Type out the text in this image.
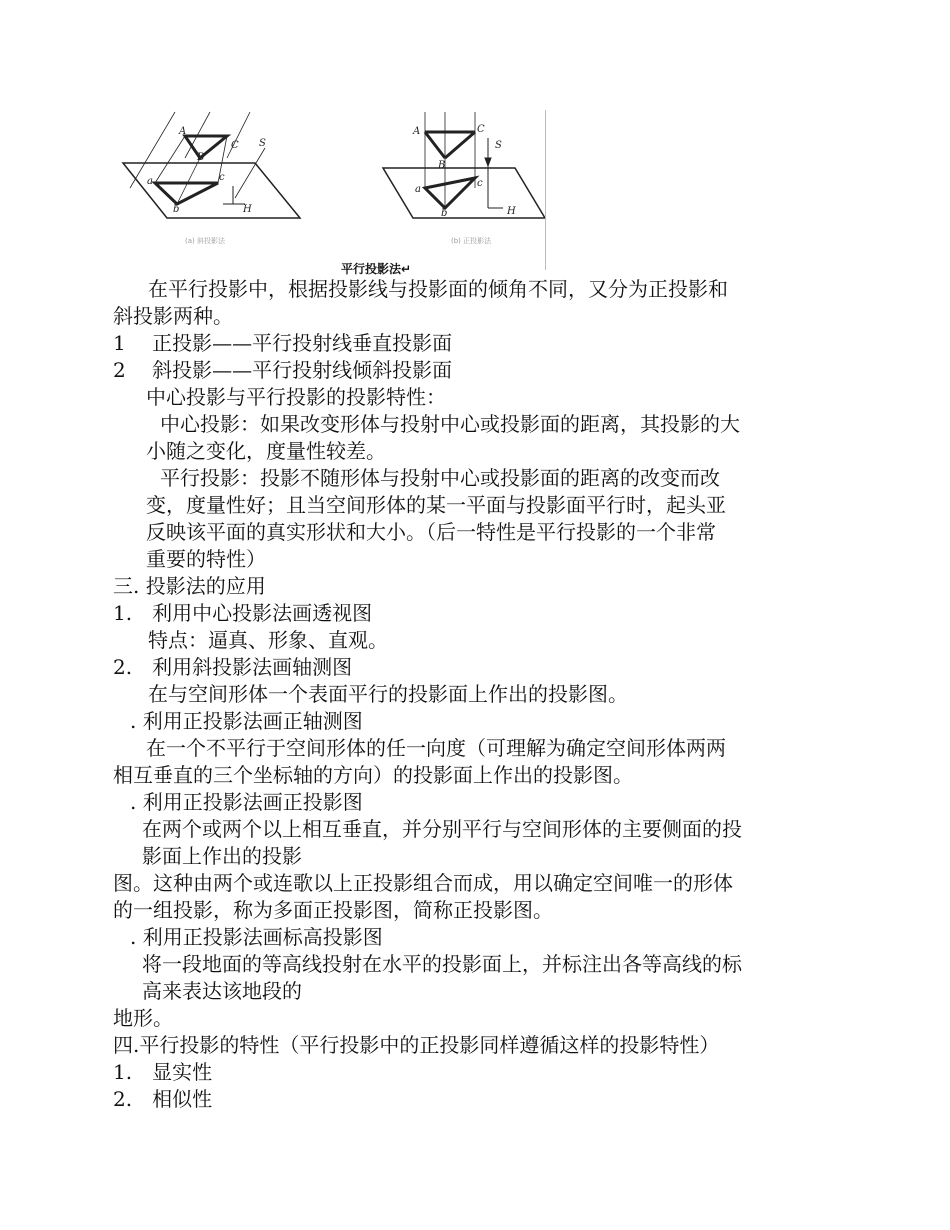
A
B
C S
a
b
c
H
A	C
S
B
a
c
b	H
(a) 斜投影法	(b) 正投影法
平行投影法↵
在平行投影中，根据投影线与投影面的倾角不同，又分为正投影和
斜投影两种。
1　 正投影——平行投射线垂直投影面
2　 斜投影——平行投射线倾斜投影面
中心投影与平行投影的投影特性：
中心投影：如果改变形体与投射中心或投影面的距离，其投影的大
小随之变化，度量性较差。
平行投影：投影不随形体与投射中心或投影面的距离的改变而改
变，度量性好；且当空间形体的某一平面与投影面平行时，起头亚
反映该平面的真实形状和大小。（后一特性是平行投影的一个非常
重要的特性）
三. 投影法的应用
1.　利用中心投影法画透视图
特点：逼真、形象、直观。
2.　利用斜投影法画轴测图
在与空间形体一个表面平行的投影面上作出的投影图。
. 利用正投影法画正轴测图
在一个不平行于空间形体的任一向度（可理解为确定空间形体两两
相互垂直的三个坐标轴的方向）的投影面上作出的投影图。
. 利用正投影法画正投影图
在两个或两个以上相互垂直，并分别平行与空间形体的主要侧面的投
影面上作出的投影
图。这种由两个或连歌以上正投影组合而成，用以确定空间唯一的形体
的一组投影，称为多面正投影图，简称正投影图。
. 利用正投影法画标高投影图
将一段地面的等高线投射在水平的投影面上，并标注出各等高线的标
高来表达该地段的
地形。
四.平行投影的特性（平行投影中的正投影同样遵循这样的投影特性）
1.　显实性
2.　相似性
